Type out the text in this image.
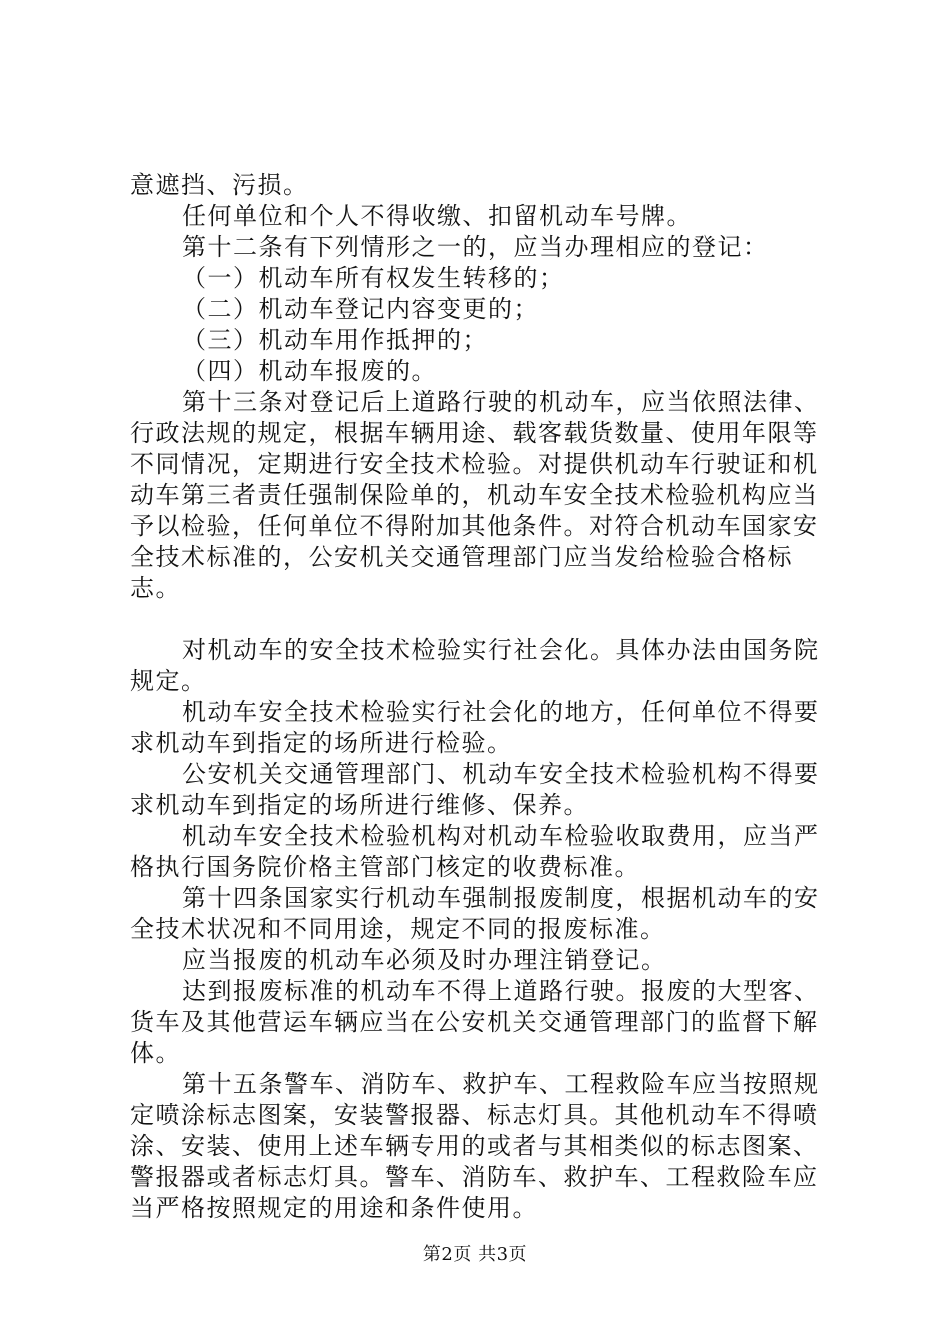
意遮挡、污损。

任何单位和个人不得收缴、扣留机动车号牌。

第十二条有下列情形之一的，应当办理相应的登记：

（一）机动车所有权发生转移的；

（二）机动车登记内容变更的；

（三）机动车用作抵押的；

（四）机动车报废的。

第十三条对登记后上道路行驶的机动车，应当依照法律、行政法规的规定，根据车辆用途、载客载货数量、使用年限等不同情况，定期进行安全技术检验。对提供机动车行驶证和机动车第三者责任强制保险单的，机动车安全技术检验机构应当予以检验，任何单位不得附加其他条件。对符合机动车国家安全技术标准的，公安机关交通管理部门应当发给检验合格标志。

对机动车的安全技术检验实行社会化。具体办法由国务院规定。

机动车安全技术检验实行社会化的地方，任何单位不得要求机动车到指定的场所进行检验。

公安机关交通管理部门、机动车安全技术检验机构不得要求机动车到指定的场所进行维修、保养。

机动车安全技术检验机构对机动车检验收取费用，应当严格执行国务院价格主管部门核定的收费标准。

第十四条国家实行机动车强制报废制度，根据机动车的安全技术状况和不同用途，规定不同的报废标准。

应当报废的机动车必须及时办理注销登记。

达到报废标准的机动车不得上道路行驶。报废的大型客、货车及其他营运车辆应当在公安机关交通管理部门的监督下解体。

第十五条警车、消防车、救护车、工程救险车应当按照规定喷涂标志图案，安装警报器、标志灯具。其他机动车不得喷涂、安装、使用上述车辆专用的或者与其相类似的标志图案、警报器或者标志灯具。警车、消防车、救护车、工程救险车应当严格按照规定的用途和条件使用。

第2页 共3页
